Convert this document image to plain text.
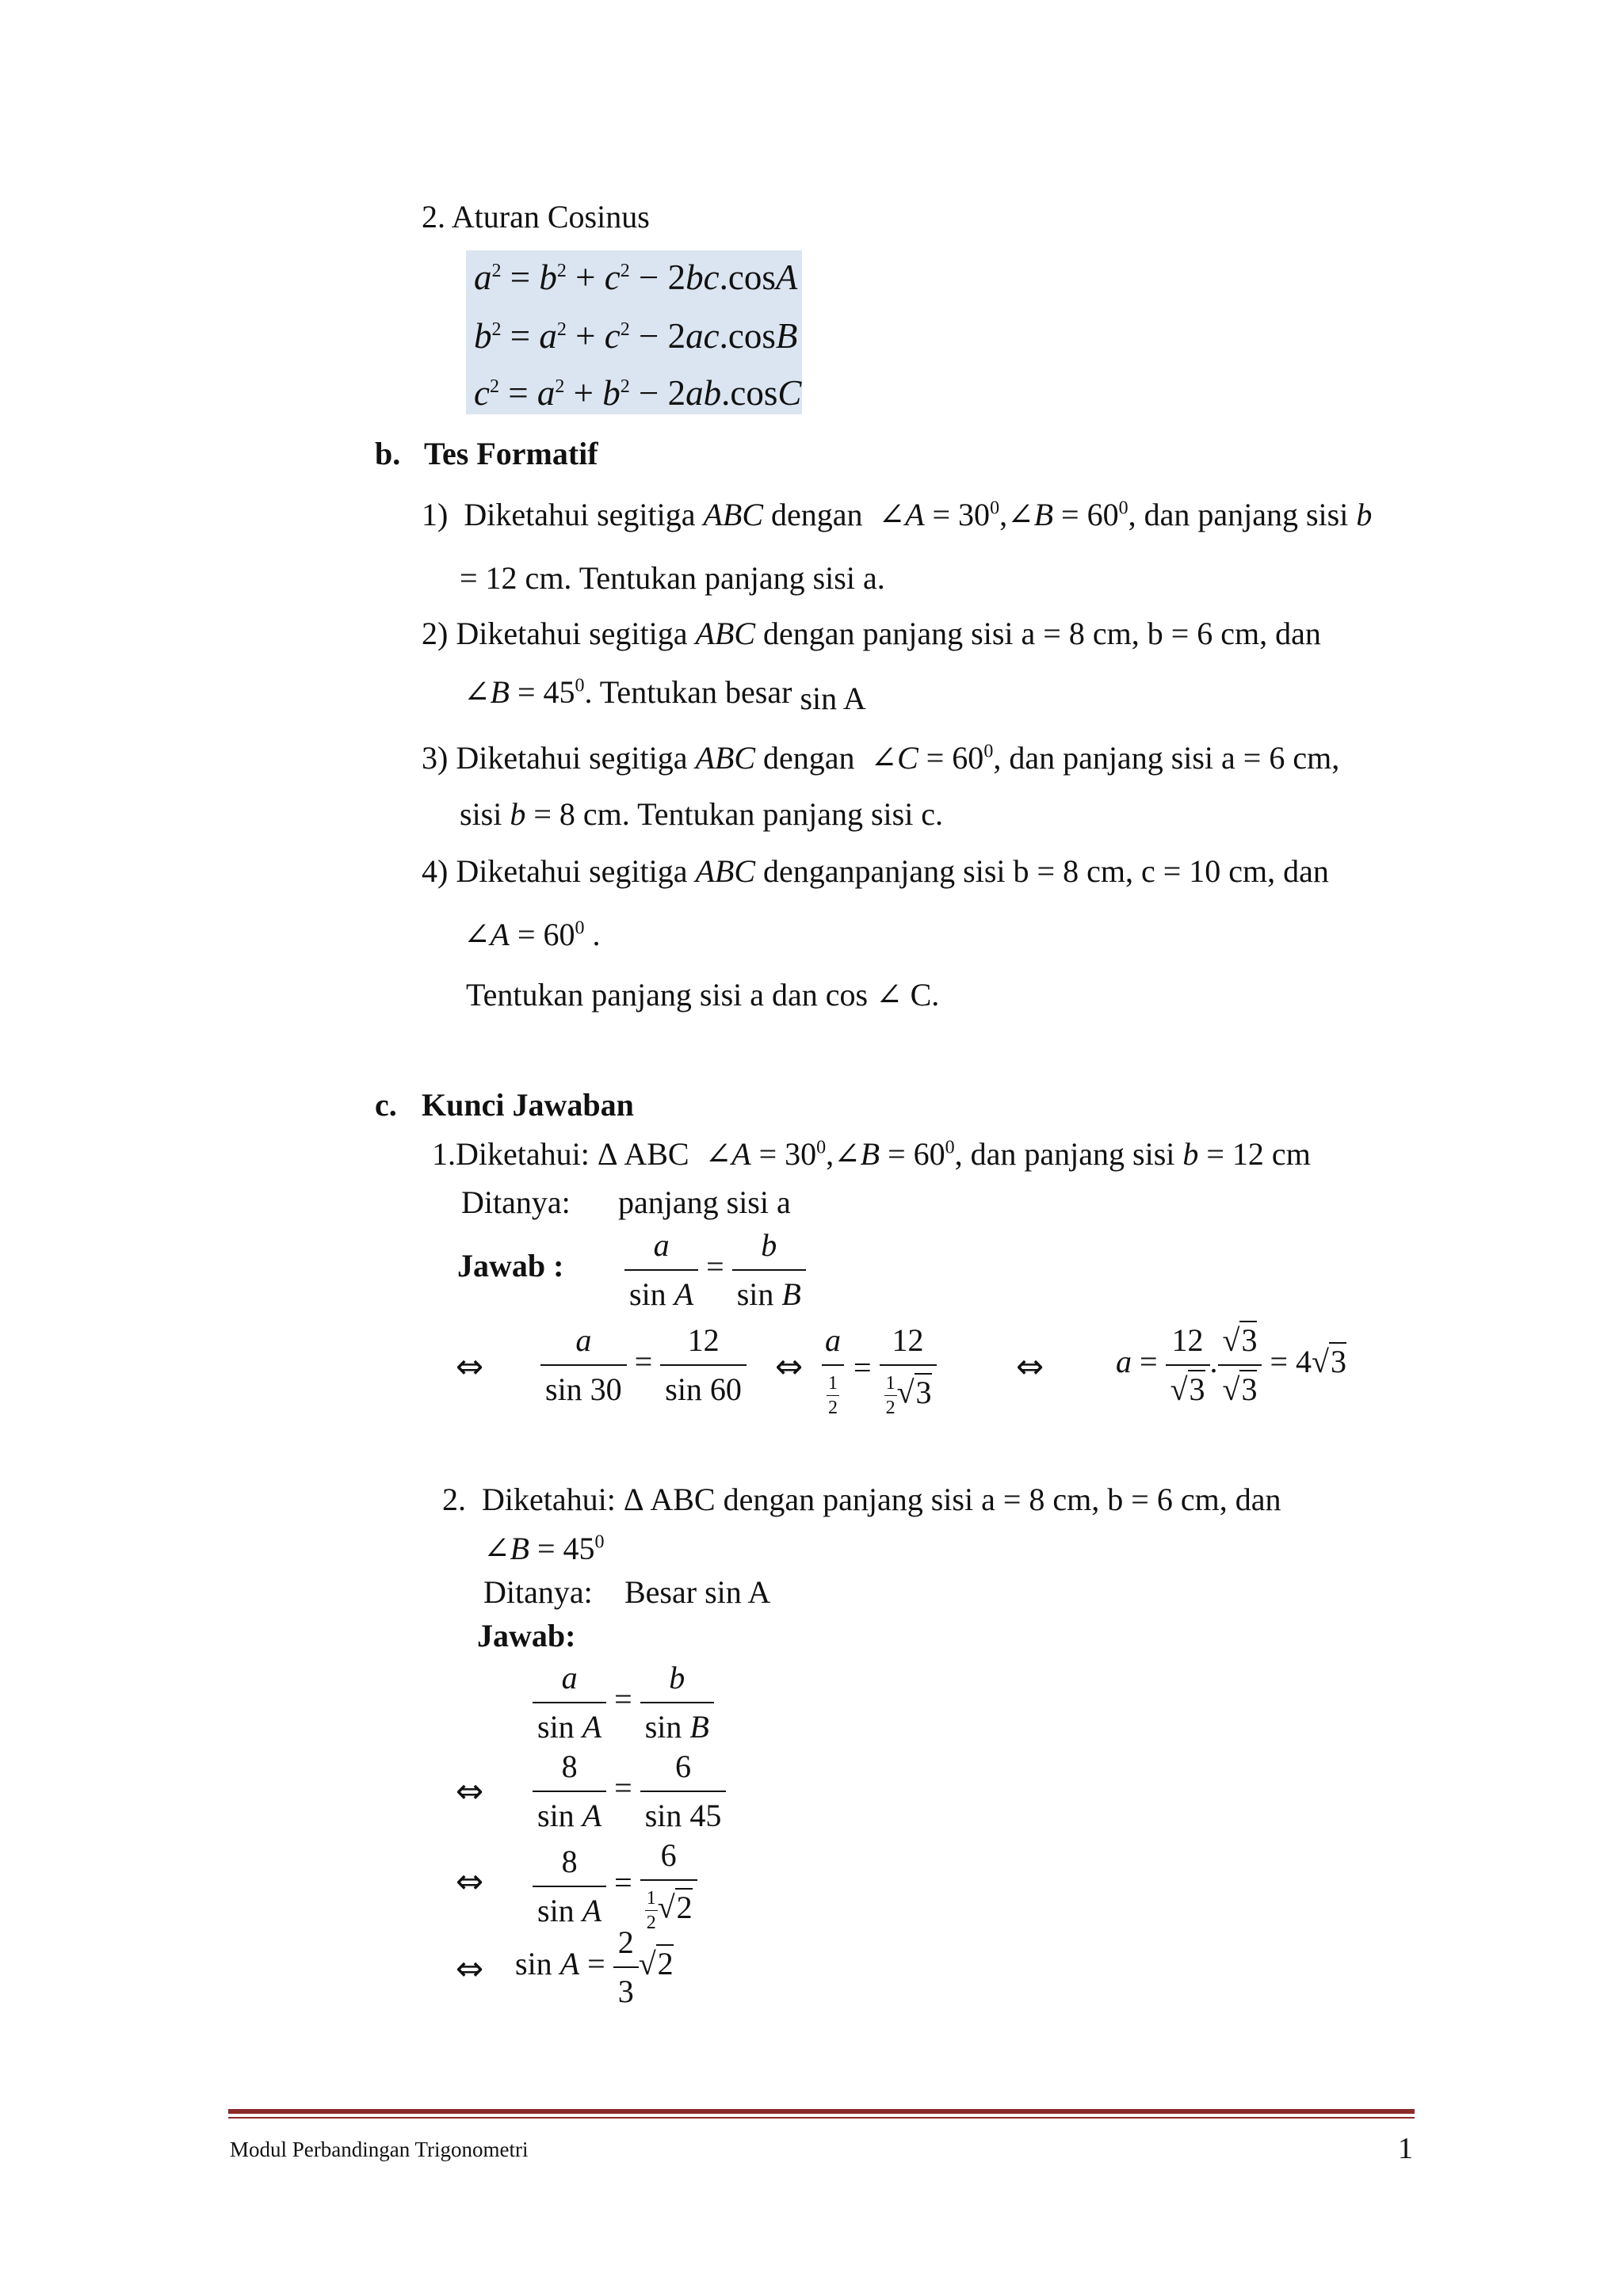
2. Aturan Cosinus
$a^2 = b^2 + c^2 - 2bc.\cos A$
$b^2 = a^2 + c^2 - 2ac.\cos B$
$c^2 = a^2 + b^2 - 2ab.\cos C$
b. Tes Formatif
1) Diketahui segitiga ABC dengan  ∠A = $30^0,\angle B = 60^0$, dan panjang sisi b
= 12 cm. Tentukan panjang sisi a.
2) Diketahui segitiga ABC dengan panjang sisi a = 8 cm, b = 6 cm, dan
∠B = $45^0$. Tentukan besar sin A
3) Diketahui segitiga ABC dengan  ∠C = $60^0$, dan panjang sisi a = 6 cm,
sisi b = 8 cm. Tentukan panjang sisi c.
4) Diketahui segitiga ABC denganpanjang sisi b = 8 cm, c = 10 cm, dan
∠A = $60^0$ .
Tentukan panjang sisi a dan cos ∠ C.
c. Kunci Jawaban
1.Diketahui: Δ ABC  ∠A = $30^0,\angle B = 60^0$, dan panjang sisi b = 12 cm
Ditanya: panjang sisi a
Jawab : $\frac{a}{\text{sin A}} = \frac{b}{\text{sin B}}$
⇔ $\frac{a}{\sin 30} = \frac{12}{\sin 60}$ ⇔ $\frac{a}{\frac{1}{2}} = \frac{12}{\frac{1}{2} √3}$ ⇔ $a = \frac{12}{√3}$ . $\frac{√3}{√3} = 4√3$
2. Diketahui: Δ ABC dengan panjang sisi a = 8 cm, b = 6 cm, dan
∠B = $45^0$
Ditanya: Besar sin A
Jawab:
$\frac{a}{\text{sin A}} = \frac{b}{\text{sin B}}$
⇔ $\frac{8}{\text{sin A}} = \frac{6}{\sin 45}$
⇔ $\frac{8}{\text{sin A}} = \frac{6}{\frac{1}{2} √2}$
⇔ $\sin A = \frac{2}{3} √2$
Modul Perbandingan Trigonometri	1
